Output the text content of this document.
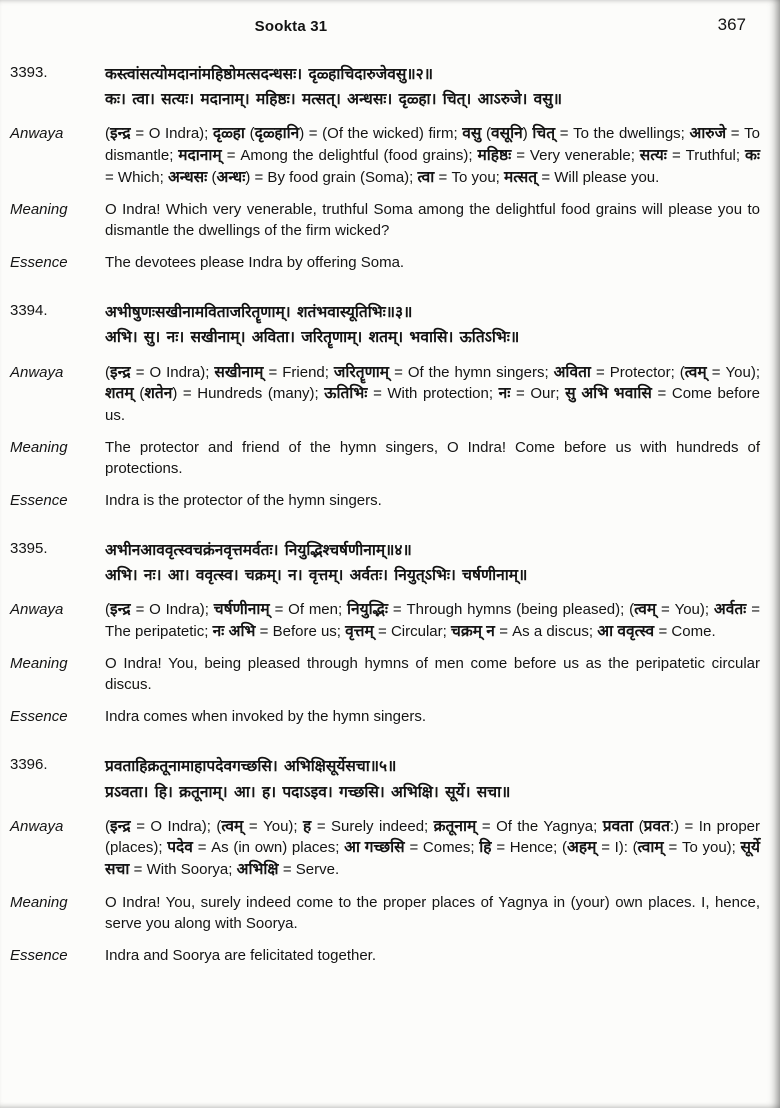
Sookta 31	367
3393.	कस्त्वांसत्योमदानांमहिष्ठोमत्सदन्धसः। दृळ्हाचिदारुजेवसु॥२॥
कः। त्वा। सत्यः। मदानाम्। महिष्ठः। मत्सत्। अन्धसः। दृळ्हा। चित्। आऽरुजे। वसु॥
Anwaya	(इन्द्र = O Indra); दृळ्हा (दृळ्हानि) = (Of the wicked) firm; वसु (वसूनि) चित् = To the dwellings; आरुजे = To dismantle; मदानाम् = Among the delightful (food grains); महिष्ठः = Very venerable; सत्यः = Truthful; कः = Which; अन्धसः (अन्धः) = By food grain (Soma); त्वा = To you; मत्सत् = Will please you.
Meaning	O Indra! Which very venerable, truthful Soma among the delightful food grains will please you to dismantle the dwellings of the firm wicked?
Essence	The devotees please Indra by offering Soma.
3394.	अभीषुणःसखीनामविताजरितॄणाम्। शतंभवास्यूतिभिः॥३॥
अभि। सु। नः। सखीनाम्। अविता। जरितॄणाम्। शतम्। भवासि। ऊतिऽभिः॥
Anwaya	(इन्द्र = O Indra); सखीनाम् = Friend; जरितॄणाम् = Of the hymn singers; अविता = Protector; (त्वम् = You); शतम् (शतेन) = Hundreds (many); ऊतिभिः = With protection; नः = Our; सु अभि भवासि = Come before us.
Meaning	The protector and friend of the hymn singers, O Indra! Come before us with hundreds of protections.
Essence	Indra is the protector of the hymn singers.
3395.	अभीनआववृत्स्वचक्रंनवृत्तमर्वतः। नियुद्भिश्चर्षणीनाम्॥४॥
अभि। नः। आ। ववृत्स्व। चक्रम्। न। वृत्तम्। अर्वतः। नियुत्ऽभिः। चर्षणीनाम्॥
Anwaya	(इन्द्र = O Indra); चर्षणीनाम् = Of men; नियुद्भिः = Through hymns (being pleased); (त्वम् = You); अर्वतः = The peripatetic; नः अभि = Before us; वृत्तम् = Circular; चक्रम् न = As a discus; आ ववृत्स्व = Come.
Meaning	O Indra! You, being pleased through hymns of men come before us as the peripatetic circular discus.
Essence	Indra comes when invoked by the hymn singers.
3396.	प्रवताहिक्रतूनामाहापदेवगच्छसि। अभिक्षिसूर्येसचा॥५॥
प्रऽवता। हि। क्रतूनाम्। आ। ह। पदाऽइव। गच्छसि। अभिक्षि। सूर्ये। सचा॥
Anwaya	(इन्द्र = O Indra); (त्वम् = You); ह = Surely indeed; क्रतूनाम् = Of the Yagnya; प्रवता (प्रवत:) = In proper (places); पदेव = As (in own) places; आ गच्छसि = Comes; हि = Hence; (अहम् = I): (त्वाम् = To you); सूर्ये सचा = With Soorya; अभिक्षि = Serve.
Meaning	O Indra! You, surely indeed come to the proper places of Yagnya in (your) own places. I, hence, serve you along with Soorya.
Essence	Indra and Soorya are felicitated together.
